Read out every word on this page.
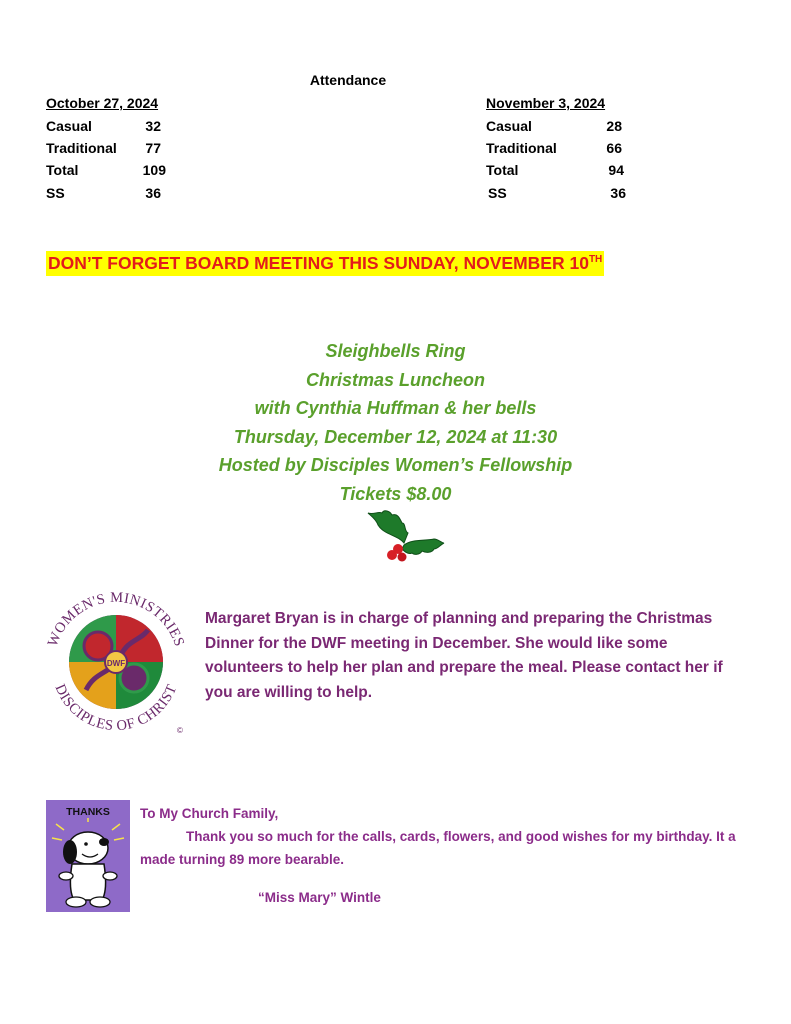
Attendance
October 27, 2024
Casual	32
Traditional	77
Total	109
SS	36
November 3, 2024
Casual	28
Traditional	66
Total	94
SS	36
DON’T FORGET BOARD MEETING THIS SUNDAY, NOVEMBER 10TH
Sleighbells Ring
Christmas Luncheon
with Cynthia Huffman & her bells
Thursday, December 12, 2024 at 11:30
Hosted by Disciples Women’s Fellowship
Tickets $8.00
DWF
WOMEN'S MINISTRIES
DISCIPLES OF CHRIST
©
Margaret Bryan is in charge of planning and preparing the Christmas Dinner for the DWF meeting in December. She would like some volunteers to help her plan and prepare the meal. Please contact her if you are willing to help.
THANKS To My Church Family,
Thank you so much for the calls, cards, flowers, and good wishes for my birthday. It a made turning 89 more bearable.
“Miss Mary” Wintle
